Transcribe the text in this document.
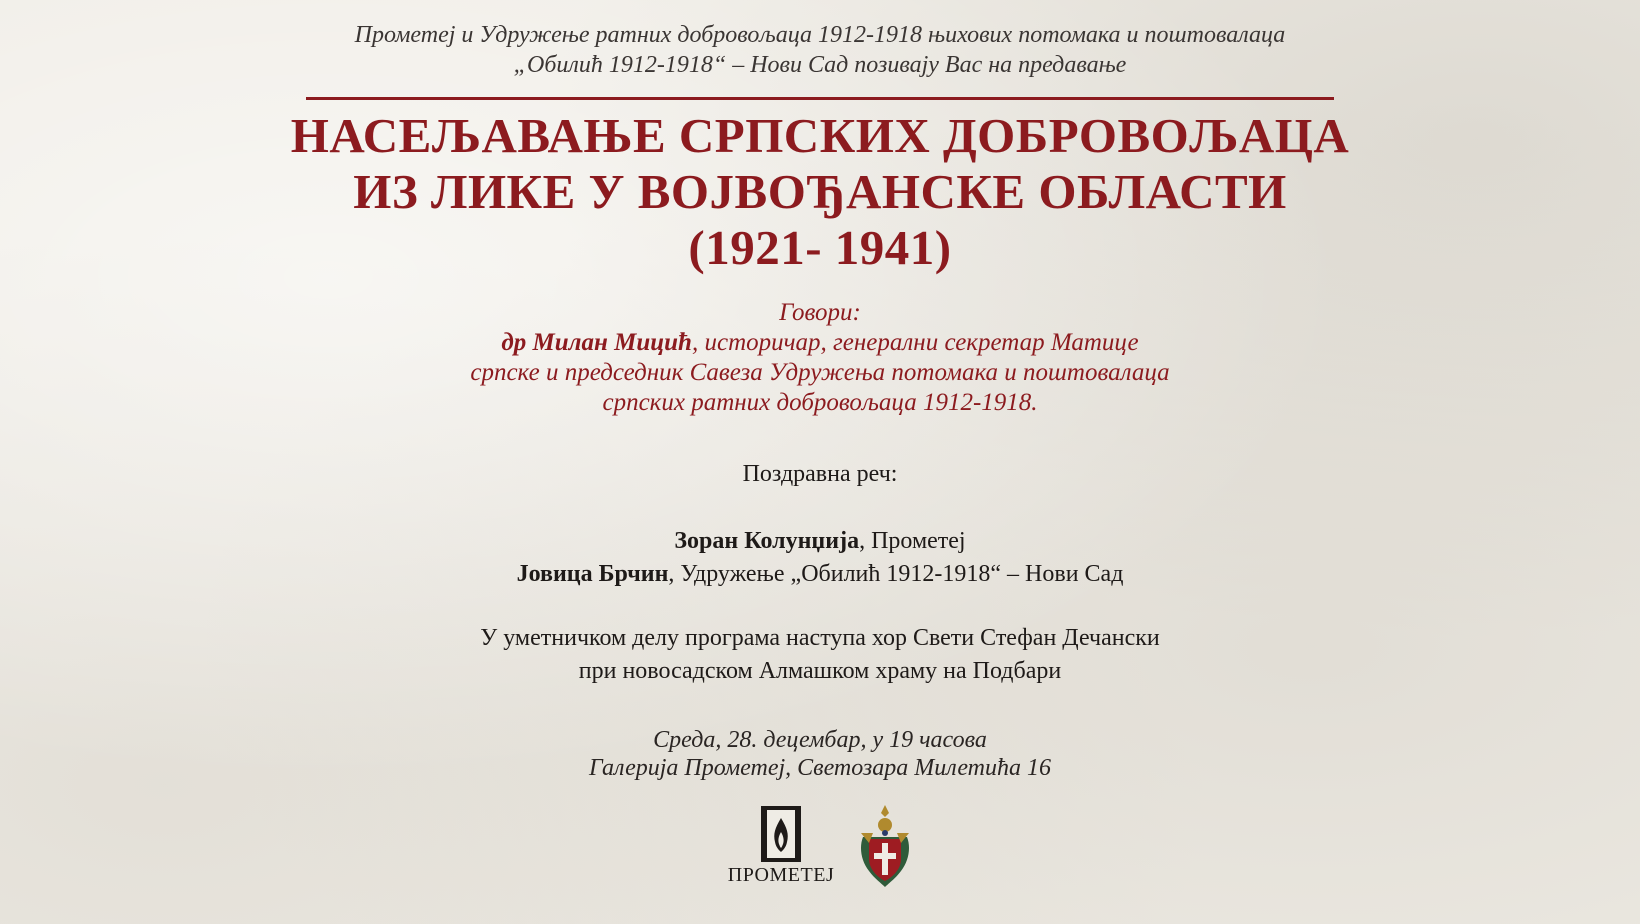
Прометеј и Удружење ратних добровољаца 1912-1918 њихових потомака и поштовалаца
„Обилић 1912-1918“ – Нови Сад позивају Вас на предавање
НАСЕЉАВАЊЕ СРПСКИХ ДОБРОВОЉАЦА
ИЗ ЛИКЕ У ВОЈВОЂАНСКЕ ОБЛАСТИ
(1921- 1941)
Говори:
др Милан Мицић, историчар, генерални секретар Матице
српске и председник Савеза Удружења потомака и поштовалаца
српских ратних добровољаца 1912-1918.
Поздравна реч:
Зоран Колунџија, Прометеј
Јовица Брчин, Удружење „Обилић 1912-1918“ – Нови Сад
У уметничком делу програма наступа хор Свети Стефан Дечански
при новосадском Алмашком храму на Подбари
Среда, 28. децембар, у 19 часова
Галерија Прометеј, Светозара Милетића 16
ПРОМЕТЕЈ
